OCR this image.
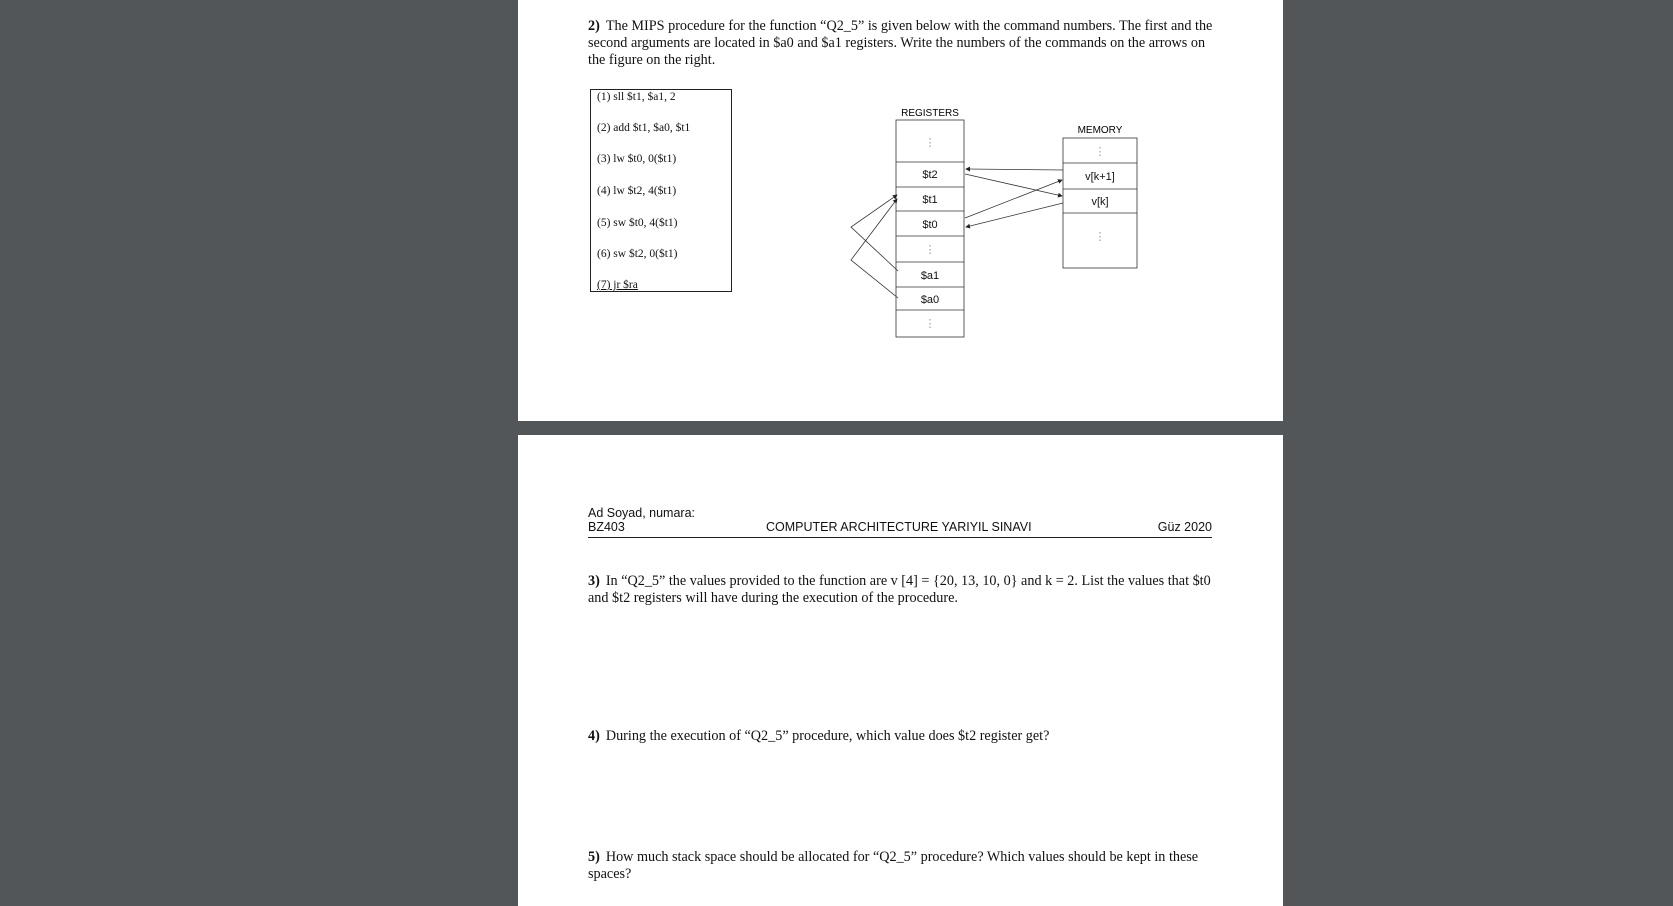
2) The MIPS procedure for the function “Q2_5” is given below with the command numbers. The first and the second arguments are located in $a0 and $a1 registers. Write the numbers of the commands on the arrows on the figure on the right.

(1) sll $t1, $a1, 2
(2) add $t1, $a0, $t1
(3) lw $t0, 0($t1)
(4) lw $t2, 4($t1)
(5) sw $t0, 4($t1)
(6) sw $t2, 0($t1)
(7) jr $ra
REGISTERS
MEMORY
⋮
$t2
$t1
$t0
⋮
$a1
$a0
⋮
⋮
v[k+1]
v[k]
⋮
Ad Soyad, numara:
BZ403	COMPUTER ARCHITECTURE YARIYIL SINAVI	Güz 2020

3) In “Q2_5” the values provided to the function are v [4] = {20, 13, 10, 0} and k = 2. List the values that $t0 and $t2 registers will have during the execution of the procedure.

4) During the execution of “Q2_5” procedure, which value does $t2 register get?

5) How much stack space should be allocated for “Q2_5” procedure? Which values should be kept in these spaces?
